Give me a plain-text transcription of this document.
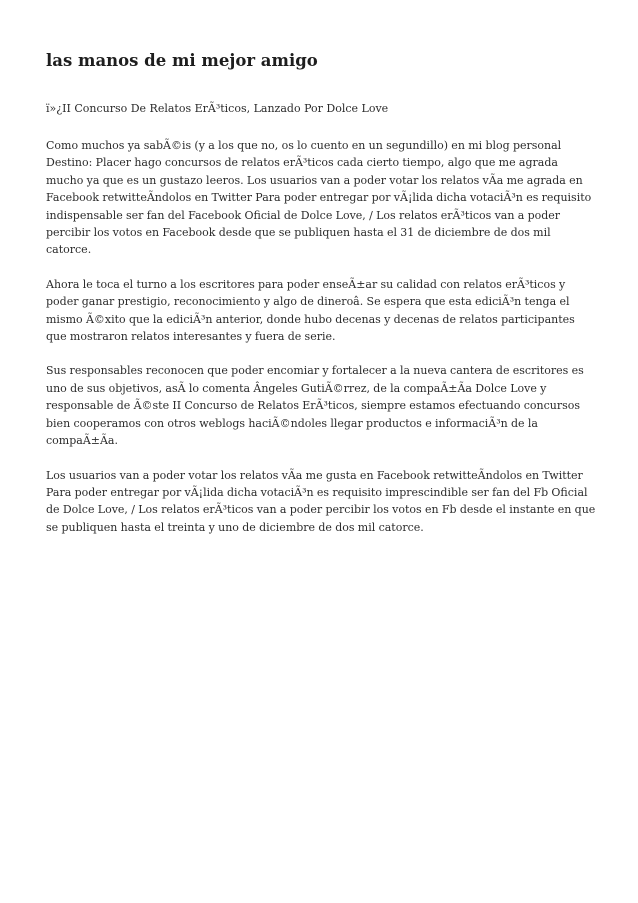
las manos de mi mejor amigo

ï»¿II Concurso De Relatos ErÃ³ticos, Lanzado Por Dolce Love

Como muchos ya sabÃ©is (y a los que no, os lo cuento en un segundillo) en mi blog personal Destino: Placer hago concursos de relatos erÃ³ticos cada cierto tiempo, algo que me agrada mucho ya que es un gustazo leeros. Los usuarios van a poder votar los relatos vÃa me agrada en Facebook retwitteÃndolos en Twitter Para poder entregar por vÃ¡lida dicha votaciÃ³n es requisito indispensable ser fan del Facebook Oficial de Dolce Love, / Los relatos erÃ³ticos van a poder percibir los votos en Facebook desde que se publiquen hasta el 31 de diciembre de dos mil catorce.

Ahora le toca el turno a los escritores para poder enseÃ±ar su calidad con relatos erÃ³ticos y poder ganar prestigio, reconocimiento y algo de dineroâ. Se espera que esta ediciÃ³n tenga el mismo Ã©xito que la ediciÃ³n anterior, donde hubo decenas y decenas de relatos participantes que mostraron relatos interesantes y fuera de serie.

Sus responsables reconocen que poder encomiar y fortalecer a la nueva cantera de escritores es uno de sus objetivos, asÃ lo comenta Ângeles GutiÃ©rrez, de la compaÃ±Ãa Dolce Love y responsable de Ã©ste II Concurso de Relatos ErÃ³ticos, siempre estamos efectuando concursos bien cooperamos con otros weblogs haciÃ©ndoles llegar productos e informaciÃ³n de la compaÃ±Ãa.

Los usuarios van a poder votar los relatos vÃa me gusta en Facebook retwitteÃndolos en Twitter Para poder entregar por vÃ¡lida dicha votaciÃ³n es requisito imprescindible ser fan del Fb Oficial de Dolce Love, / Los relatos erÃ³ticos van a poder percibir los votos en Fb desde el instante en que se publiquen hasta el treinta y uno de diciembre de dos mil catorce.
